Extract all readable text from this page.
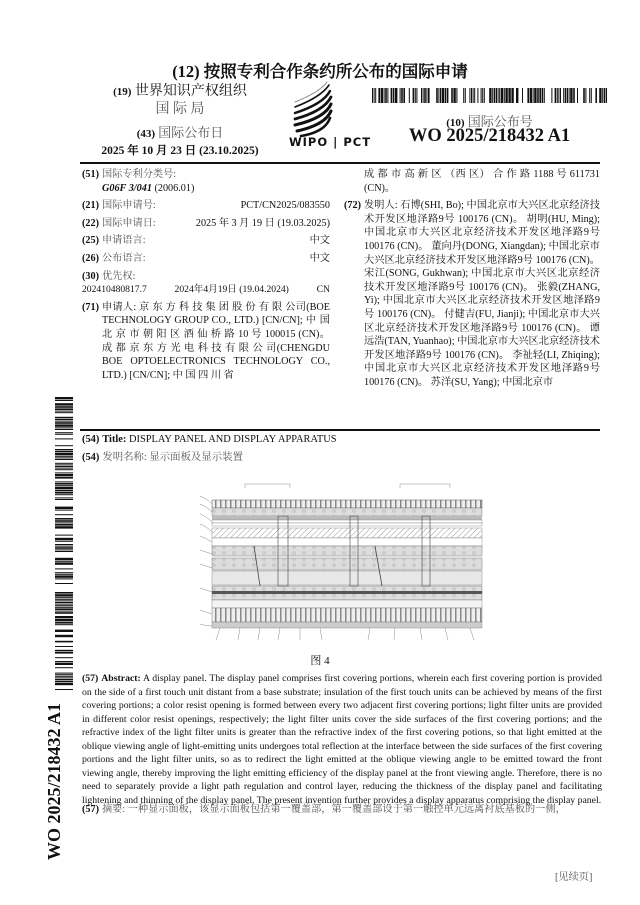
(12) 按照专利合作条约所公布的国际申请
(19) 世界知识产权组织
国 际 局
(43) 国际公布日
2025 年 10 月 23 日 (23.10.2025)
WIPO | PCT
(10) 国际公布号
WO 2025/218432 A1
(51) 国际专利分类号:
G06F 3/041 (2006.01)
(21) 国际申请号:	PCT/CN2025/083550
(22) 国际申请日:	2025 年 3 月 19 日 (19.03.2025)
(25) 申请语言:	中文
(26) 公布语言:	中文
(30) 优先权:
202410480817.7	2024年4月19日 (19.04.2024)	CN
(71) 申请人: 京 东 方 科 技 集 团 股 份 有 限 公司(BOE TECHNOLOGY GROUP CO., LTD.) [CN/CN]; 中 国 北 京 市 朝 阳 区 酒 仙 桥 路 10 号 100015 (CN)。 成 都 京 东 方 光 电 科 技 有 限 公 司(CHENGDU BOE OPTOELECTRONICS TECHNOLOGY CO., LTD.) [CN/CN]; 中 国 四 川 省
成 都 市 高 新 区 （西 区） 合 作 路 1188 号 611731 (CN)。
(72) 发明人: 石博(SHI, Bo); 中国北京市大兴区北京经济技术开发区地泽路9号 100176 (CN)。 胡明(HU, Ming); 中国北京市大兴区北京经济技术开发区地泽路9号 100176 (CN)。 董向丹(DONG, Xiangdan); 中国北京市大兴区北京经济技术开发区地泽路9号 100176 (CN)。 宋江(SONG, Gukhwan); 中国北京市大兴区北京经济技术开发区地泽路9号 100176 (CN)。 张毅(ZHANG, Yi); 中国北京市大兴区北京经济技术开发区地泽路9号 100176 (CN)。 付健吉(FU, Jianji); 中国北京市大兴区北京经济技术开发区地泽路9号 100176 (CN)。 谭远浩(TAN, Yuanhao); 中国北京市大兴区北京经济技术开发区地泽路9号 100176 (CN)。 李祉轻(LI, Zhiqing); 中国北京市大兴区北京经济技术开发区地泽路9号 100176 (CN)。 苏洋(SU, Yang); 中国北京市
WO 2025/218432 A1
(54) Title: DISPLAY PANEL AND DISPLAY APPARATUS
(54) 发明名称: 显示面板及显示装置
图 4
(57) Abstract: A display panel. The display panel comprises first covering portions, wherein each first covering portion is provided on the side of a first touch unit distant from a base substrate; insulation of the first touch units can be achieved by means of the first covering portions; a color resist opening is formed between every two adjacent first covering portions; light filter units are provided in different color resist openings, respectively; the light filter units cover the side surfaces of the first covering portions; and the refractive index of the light filter units is greater than the refractive index of the first covering potions, so that light emitted at the oblique viewing angle of light-emitting units undergoes total reflection at the interface between the side surfaces of the first covering portions and the light filter units, so as to redirect the light emitted at the oblique viewing angle to be emitted toward the front viewing angle, thereby improving the light emitting efficiency of the display panel at the front viewing angle. Therefore, there is no need to separately provide a light path regulation and control layer, reducing the thickness of the display panel and facilitating lightening and thinning of the display panel. The present invention further provides a display apparatus comprising the display panel.
(57) 摘要: 一种显示面板，该显示面板包括第一覆盖部，第一覆盖部设于第一触控单元远离衬底基板的一侧，
[见续页]
